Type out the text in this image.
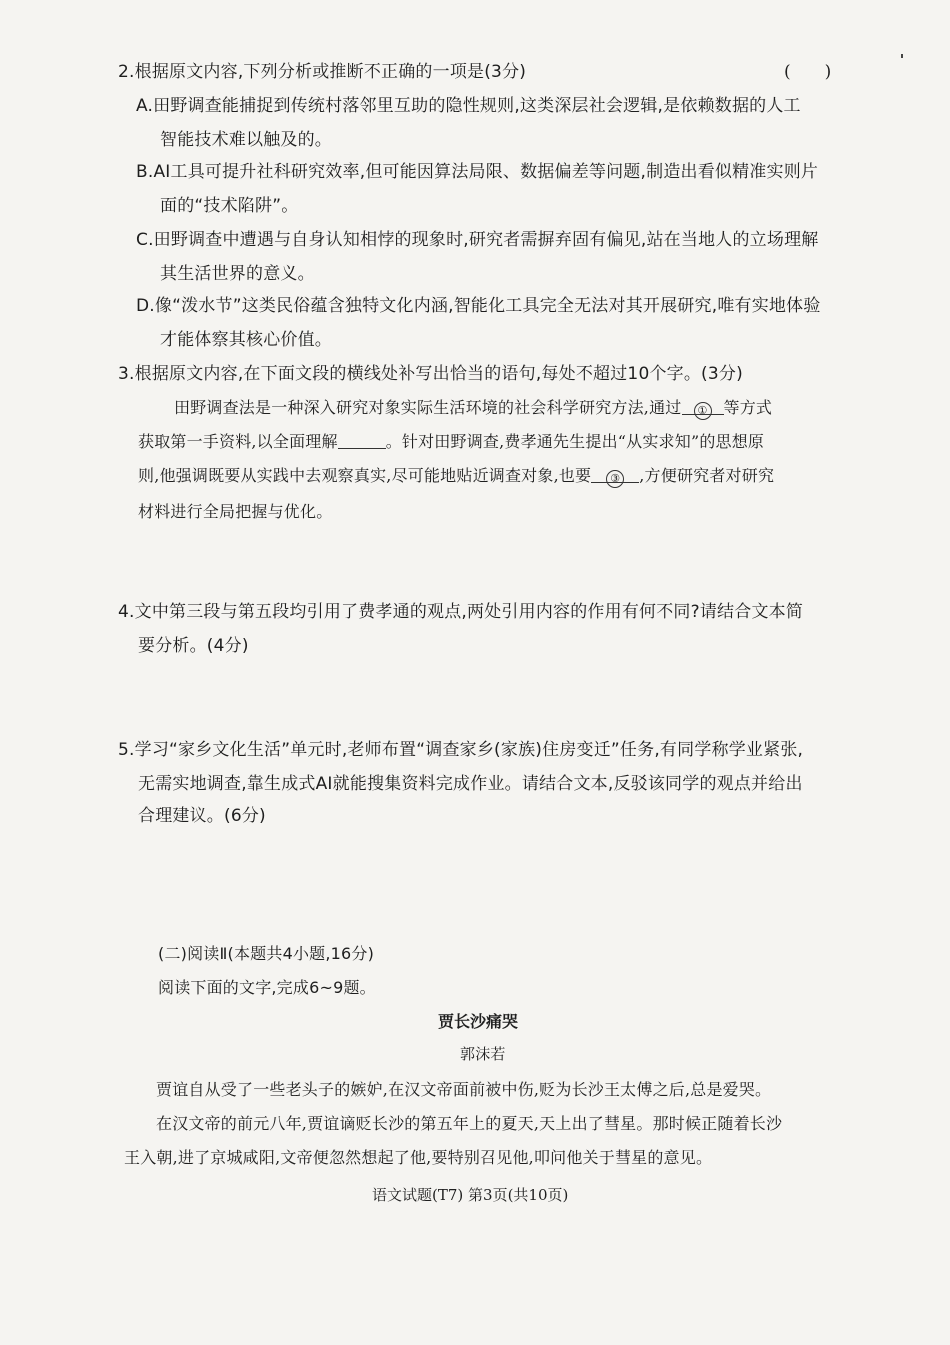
2.根据原文内容,下列分析或推断不正确的一项是(3分)	(　　)
A.田野调查能捕捉到传统村落邻里互助的隐性规则,这类深层社会逻辑,是依赖数据的人工
智能技术难以触及的。
B.AI工具可提升社科研究效率,但可能因算法局限、数据偏差等问题,制造出看似精准实则片
面的“技术陷阱”。
C.田野调查中遭遇与自身认知相悖的现象时,研究者需摒弃固有偏见,站在当地人的立场理解
其生活世界的意义。
D.像“泼水节”这类民俗蕴含独特文化内涵,智能化工具完全无法对其开展研究,唯有实地体验
才能体察其核心价值。
3.根据原文内容,在下面文段的横线处补写出恰当的语句,每处不超过10个字。(3分)
田野调查法是一种深入研究对象实际生活环境的社会科学研究方法,通过 ① 等方式
获取第一手资料,以全面理解	。针对田野调查,费孝通先生提出“从实求知”的思想原
则,他强调既要从实践中去观察真实,尽可能地贴近调查对象,也要 ③ ,方便研究者对研究
材料进行全局把握与优化。
4.文中第三段与第五段均引用了费孝通的观点,两处引用内容的作用有何不同?请结合文本简
要分析。(4分)
5.学习“家乡文化生活”单元时,老师布置“调查家乡(家族)住房变迁”任务,有同学称学业紧张,
无需实地调查,靠生成式AI就能搜集资料完成作业。请结合文本,反驳该同学的观点并给出
合理建议。(6分)
(二)阅读Ⅱ(本题共4小题,16分)
阅读下面的文字,完成6~9题。
贾长沙痛哭
郭沫若
贾谊自从受了一些老头子的嫉妒,在汉文帝面前被中伤,贬为长沙王太傅之后,总是爱哭。
在汉文帝的前元八年,贾谊谪贬长沙的第五年上的夏天,天上出了彗星。那时候正随着长沙
王入朝,进了京城咸阳,文帝便忽然想起了他,要特别召见他,叩问他关于彗星的意见。
语文试题(T7) 第3页(共10页)
